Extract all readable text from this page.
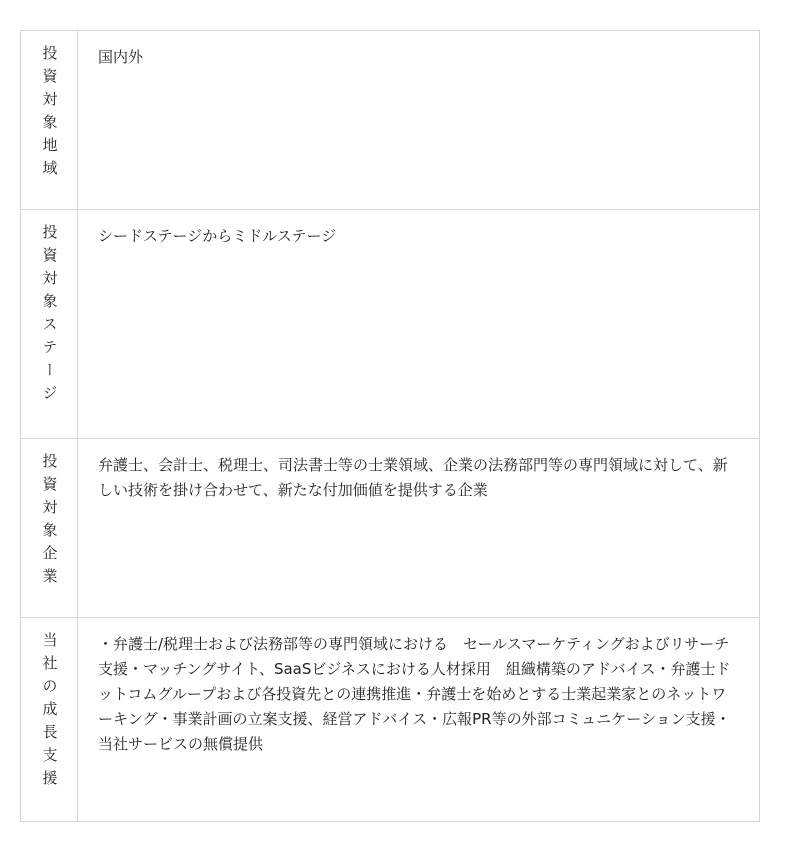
投資対象地域	国内外
投資対象ステージ	シードステージからミドルステージ
投資対象企業	弁護士、会計士、税理士、司法書士等の士業領域、企業の法務部門等の専門領域に対して、新しい技術を掛け合わせて、新たな付加価値を提供する企業
当社の成長支援	・弁護士/税理士および法務部等の専門領域における　セールスマーケティングおよびリサーチ支援・マッチングサイト、SaaSビジネスにおける人材採用　組織構築のアドバイス・弁護士ドットコムグループおよび各投資先との連携推進・弁護士を始めとする士業起業家とのネットワーキング・事業計画の立案支援、経営アドバイス・広報PR等の外部コミュニケーション支援・当社サービスの無償提供
